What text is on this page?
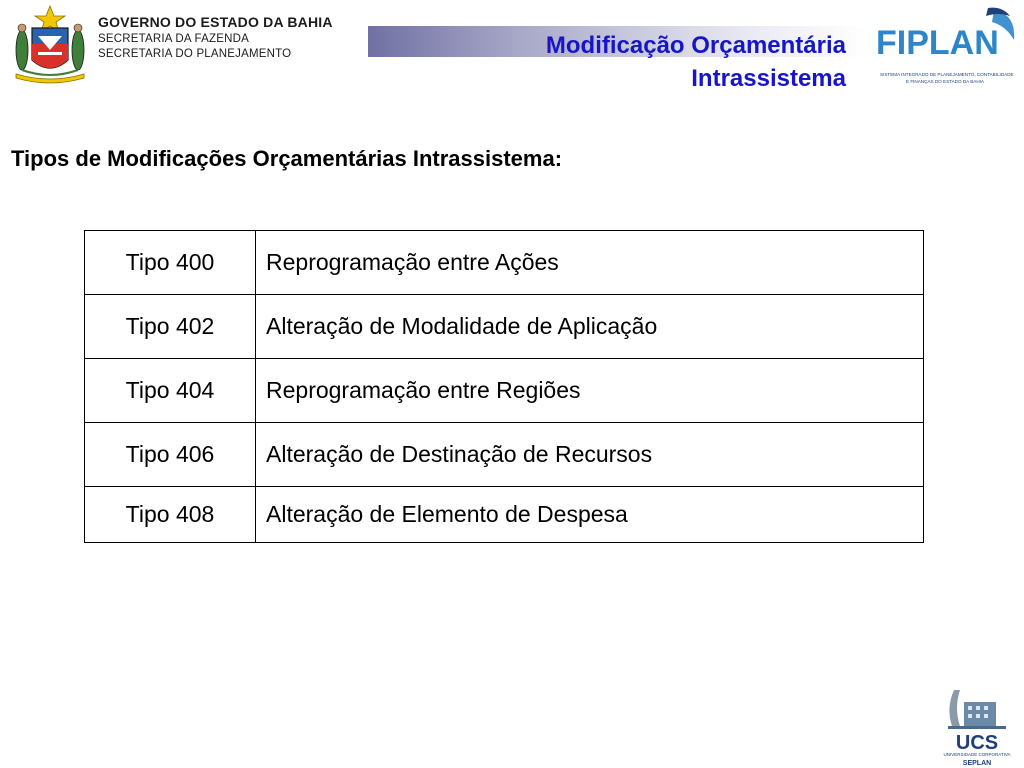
GOVERNO DO ESTADO DA BAHIA
SECRETARIA DA FAZENDA
SECRETARIA DO PLANEJAMENTO	Modificação Orçamentária
Intrassistema
FIPLAN
SISTEMA INTEGRADO DE PLANEJAMENTO, CONTABILIDADE
E FINANÇAS DO ESTADO DA BAHIA
Tipos de Modificações Orçamentárias Intrassistema:
Tipo 400	Reprogramação entre Ações
Tipo 402	Alteração de Modalidade de Aplicação
Tipo 404	Reprogramação entre Regiões
Tipo 406	Alteração de Destinação de Recursos
Tipo 408	Alteração de Elemento de Despesa
UCS
UNIVERSIDADE CORPORATIVA
SEPLAN
